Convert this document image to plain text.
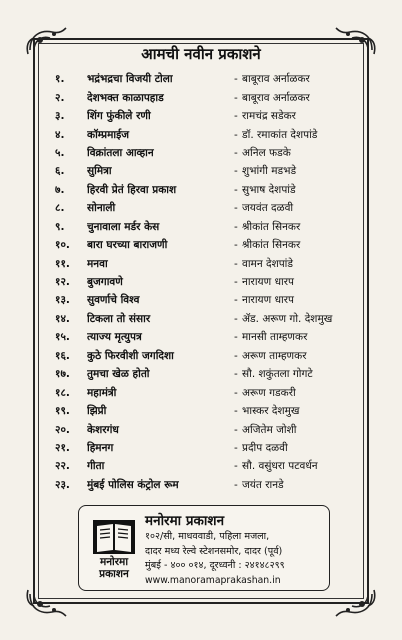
आमची नवीन प्रकाशने
१.	भद्रंभद्रचा विजयी टोला	- बाबूराव अर्नाळकर
२.	देशभक्त काळापहाड	- बाबूराव अर्नाळकर
३.	शिंग फुंकीले रणी	- रामचंद्र सडेकर
४.	कॉम्प्रमाईज	- डॉ. रमाकांत देशपांडे
५.	विक्रांतला आव्हान	- अनिल फडके
६.	सुमित्रा	- शुभांगी मडभडे
७.	हिरवी प्रेतं हिरवा प्रकाश	- सुभाष देशपांडे
८.	सोनाली	- जयवंत दळवी
९.	चुनावाला मर्डर केस	- श्रीकांत सिनकर
१०.	बारा घरच्या बाराजणी	- श्रीकांत सिनकर
११.	मनवा	- वामन देशपांडे
१२.	बुजगावणे	- नारायण धारप
१३.	सुवर्णाचे विश्व	- नारायण धारप
१४.	टिकला तो संसार	- ॲड. अरूण गो. देशमुख
१५.	त्याज्य मृत्युपत्र	- मानसी ताम्हणकर
१६.	कुठे फिरवीशी जगदिशा	- अरूण ताम्हणकर
१७.	तुमचा खेळ होतो	- सौ. शकुंतला गोगटे
१८.	महामंत्री	- अरूण गडकरी
१९.	झिप्री	- भास्कर देशमुख
२०.	केशरगंध	- अजितेम जोशी
२१.	हिमनग	- प्रदीप दळवी
२२.	गीता	- सौ. वसुंधरा पटवर्धन
२३.	मुंबई पोलिस कंट्रोल रूम	- जयंत रानडे
मनोरमा
प्रकाशन
मनोरमा प्रकाशन
१०२/सी, माधववाडी, पहिला मजला,
दादर मध्य रेल्वे स्टेशनसमोर, दादर (पूर्व)
मुंबई - ४०० ०१४, दूरध्वनी : २४१४८२९९
www.manoramaprakashan.in
